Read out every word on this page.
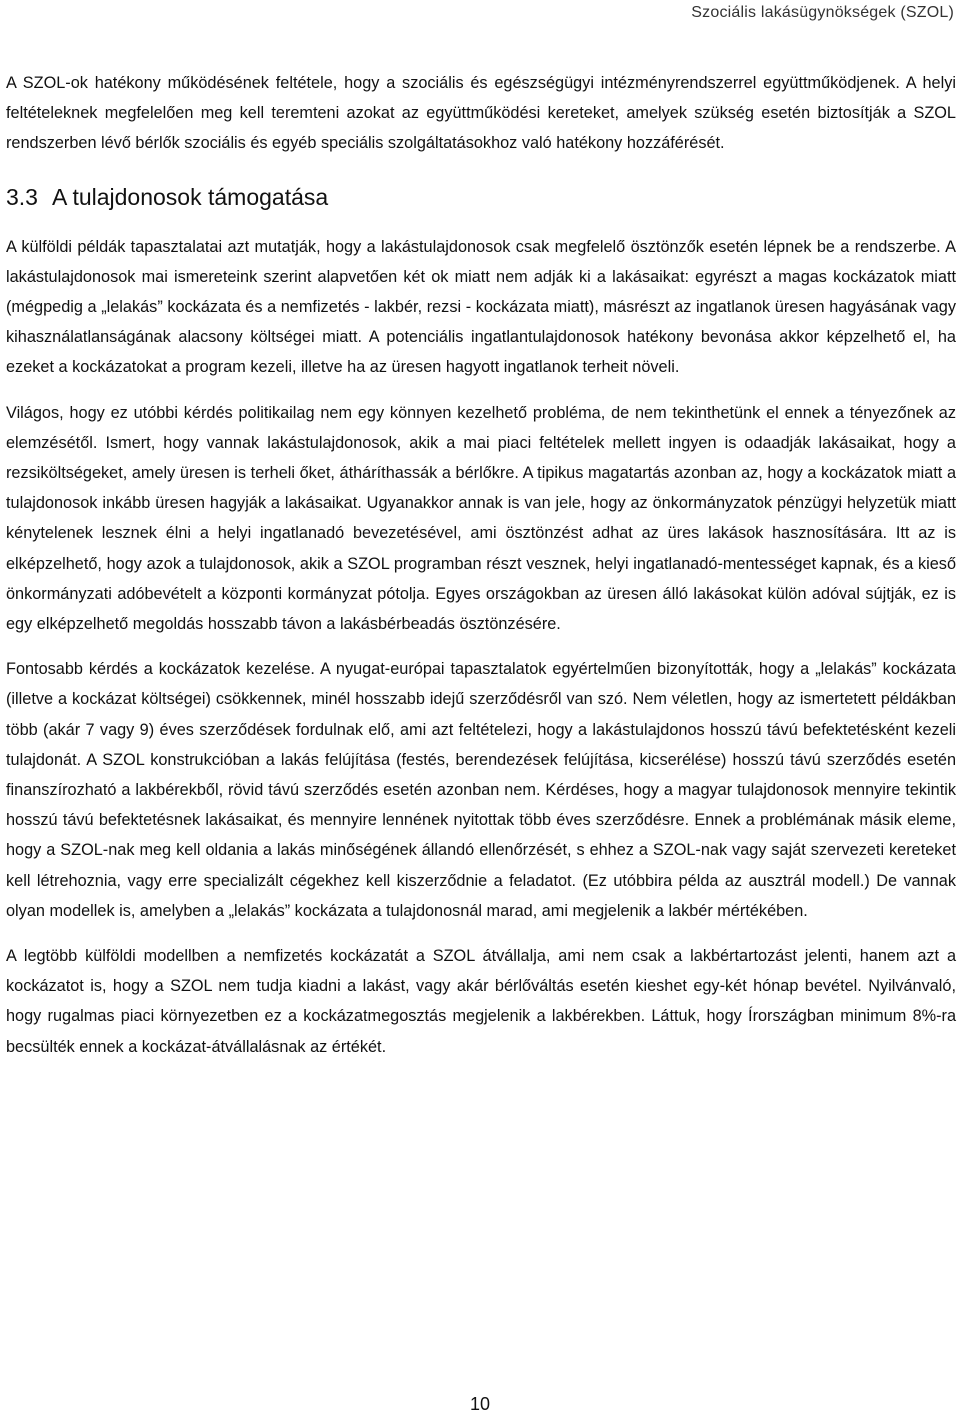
Szociális lakásügynökségek (SZOL)

A SZOL-ok hatékony működésének feltétele, hogy a szociális és egészségügyi intézményrendszerrel együttműködjenek. A helyi feltételeknek megfelelően meg kell teremteni azokat az együttműködési kereteket, amelyek szükség esetén biztosítják a SZOL rendszerben lévő bérlők szociális és egyéb speciális szolgáltatásokhoz való hatékony hozzáférését.

3.3 A tulajdonosok támogatása

A külföldi példák tapasztalatai azt mutatják, hogy a lakástulajdonosok csak megfelelő ösztönzők esetén lépnek be a rendszerbe. A lakástulajdonosok mai ismereteink szerint alapvetően két ok miatt nem adják ki a lakásaikat: egyrészt a magas kockázatok miatt (mégpedig a „lelakás” kockázata és a nemfizetés - lakbér, rezsi - kockázata miatt), másrészt az ingatlanok üresen hagyásának vagy kihasználatlanságának alacsony költségei miatt. A potenciális ingatlantulajdonosok hatékony bevonása akkor képzelhető el, ha ezeket a kockázatokat a program kezeli, illetve ha az üresen hagyott ingatlanok terheit növeli.

Világos, hogy ez utóbbi kérdés politikailag nem egy könnyen kezelhető probléma, de nem tekinthetünk el ennek a tényezőnek az elemzésétől. Ismert, hogy vannak lakástulajdonosok, akik a mai piaci feltételek mellett ingyen is odaadják lakásaikat, hogy a rezsiköltségeket, amely üresen is terheli őket, átháríthassák a bérlőkre. A tipikus magatartás azonban az, hogy a kockázatok miatt a tulajdonosok inkább üresen hagyják a lakásaikat. Ugyanakkor annak is van jele, hogy az önkormányzatok pénzügyi helyzetük miatt kénytelenek lesznek élni a helyi ingatlanadó bevezetésével, ami ösztönzést adhat az üres lakások hasznosítására. Itt az is elképzelhető, hogy azok a tulajdonosok, akik a SZOL programban részt vesznek, helyi ingatlanadó-mentességet kapnak, és a kieső önkormányzati adóbevételt a központi kormányzat pótolja. Egyes országokban az üresen álló lakásokat külön adóval sújtják, ez is egy elképzelhető megoldás hosszabb távon a lakásbérbeadás ösztönzésére.

Fontosabb kérdés a kockázatok kezelése. A nyugat-európai tapasztalatok egyértelműen bizonyították, hogy a „lelakás” kockázata (illetve a kockázat költségei) csökkennek, minél hosszabb idejű szerződésről van szó. Nem véletlen, hogy az ismertetett példákban több (akár 7 vagy 9) éves szerződések fordulnak elő, ami azt feltételezi, hogy a lakástulajdonos hosszú távú befektetésként kezeli tulajdonát. A SZOL konstrukcióban a lakás felújítása (festés, berendezések felújítása, kicserélése) hosszú távú szerződés esetén finanszírozható a lakbérekből, rövid távú szerződés esetén azonban nem. Kérdéses, hogy a magyar tulajdonosok mennyire tekintik hosszú távú befektetésnek lakásaikat, és mennyire lennének nyitottak több éves szerződésre. Ennek a problémának másik eleme, hogy a SZOL-nak meg kell oldania a lakás minőségének állandó ellenőrzését, s ehhez a SZOL-nak vagy saját szervezeti kereteket kell létrehoznia, vagy erre specializált cégekhez kell kiszerződnie a feladatot. (Ez utóbbira példa az ausztrál modell.) De vannak olyan modellek is, amelyben a „lelakás” kockázata a tulajdonosnál marad, ami megjelenik a lakbér mértékében.

A legtöbb külföldi modellben a nemfizetés kockázatát a SZOL átvállalja, ami nem csak a lakbértartozást jelenti, hanem azt a kockázatot is, hogy a SZOL nem tudja kiadni a lakást, vagy akár bérlőváltás esetén kieshet egy-két hónap bevétel. Nyilvánvaló, hogy rugalmas piaci környezetben ez a kockázatmegosztás megjelenik a lakbérekben. Láttuk, hogy Írországban minimum 8%-ra becsülték ennek a kockázat-átvállalásnak az értékét.

10
